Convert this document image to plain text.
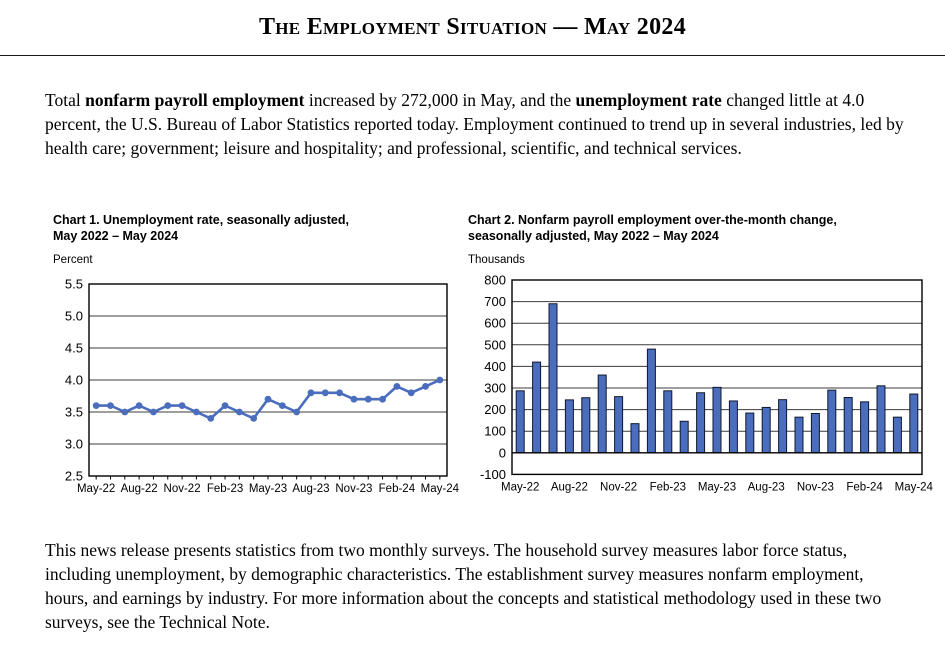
The Employment Situation — May 2024
Total nonfarm payroll employment increased by 272,000 in May, and the unemployment rate changed little at 4.0 percent, the U.S. Bureau of Labor Statistics reported today. Employment continued to trend up in several industries, led by health care; government; leisure and hospitality; and professional, scientific, and technical services.
Chart 1. Unemployment rate, seasonally adjusted,
May 2022 – May 2024
Percent
2.5
3.0
3.5
4.0
4.5
5.0
5.5
May-22 Aug-22 Nov-22 Feb-23 May-23 Aug-23 Nov-23 Feb-24 May-24
Chart 2. Nonfarm payroll employment over-the-month change,
seasonally adjusted, May 2022 – May 2024
Thousands
-100
0
100
200
300
400
500
600
700
800
May-22 Aug-22 Nov-22 Feb-23 May-23 Aug-23 Nov-23 Feb-24 May-24
This news release presents statistics from two monthly surveys. The household survey measures labor force status, including unemployment, by demographic characteristics. The establishment survey measures nonfarm employment, hours, and earnings by industry. For more information about the concepts and statistical methodology used in these two surveys, see the Technical Note.
